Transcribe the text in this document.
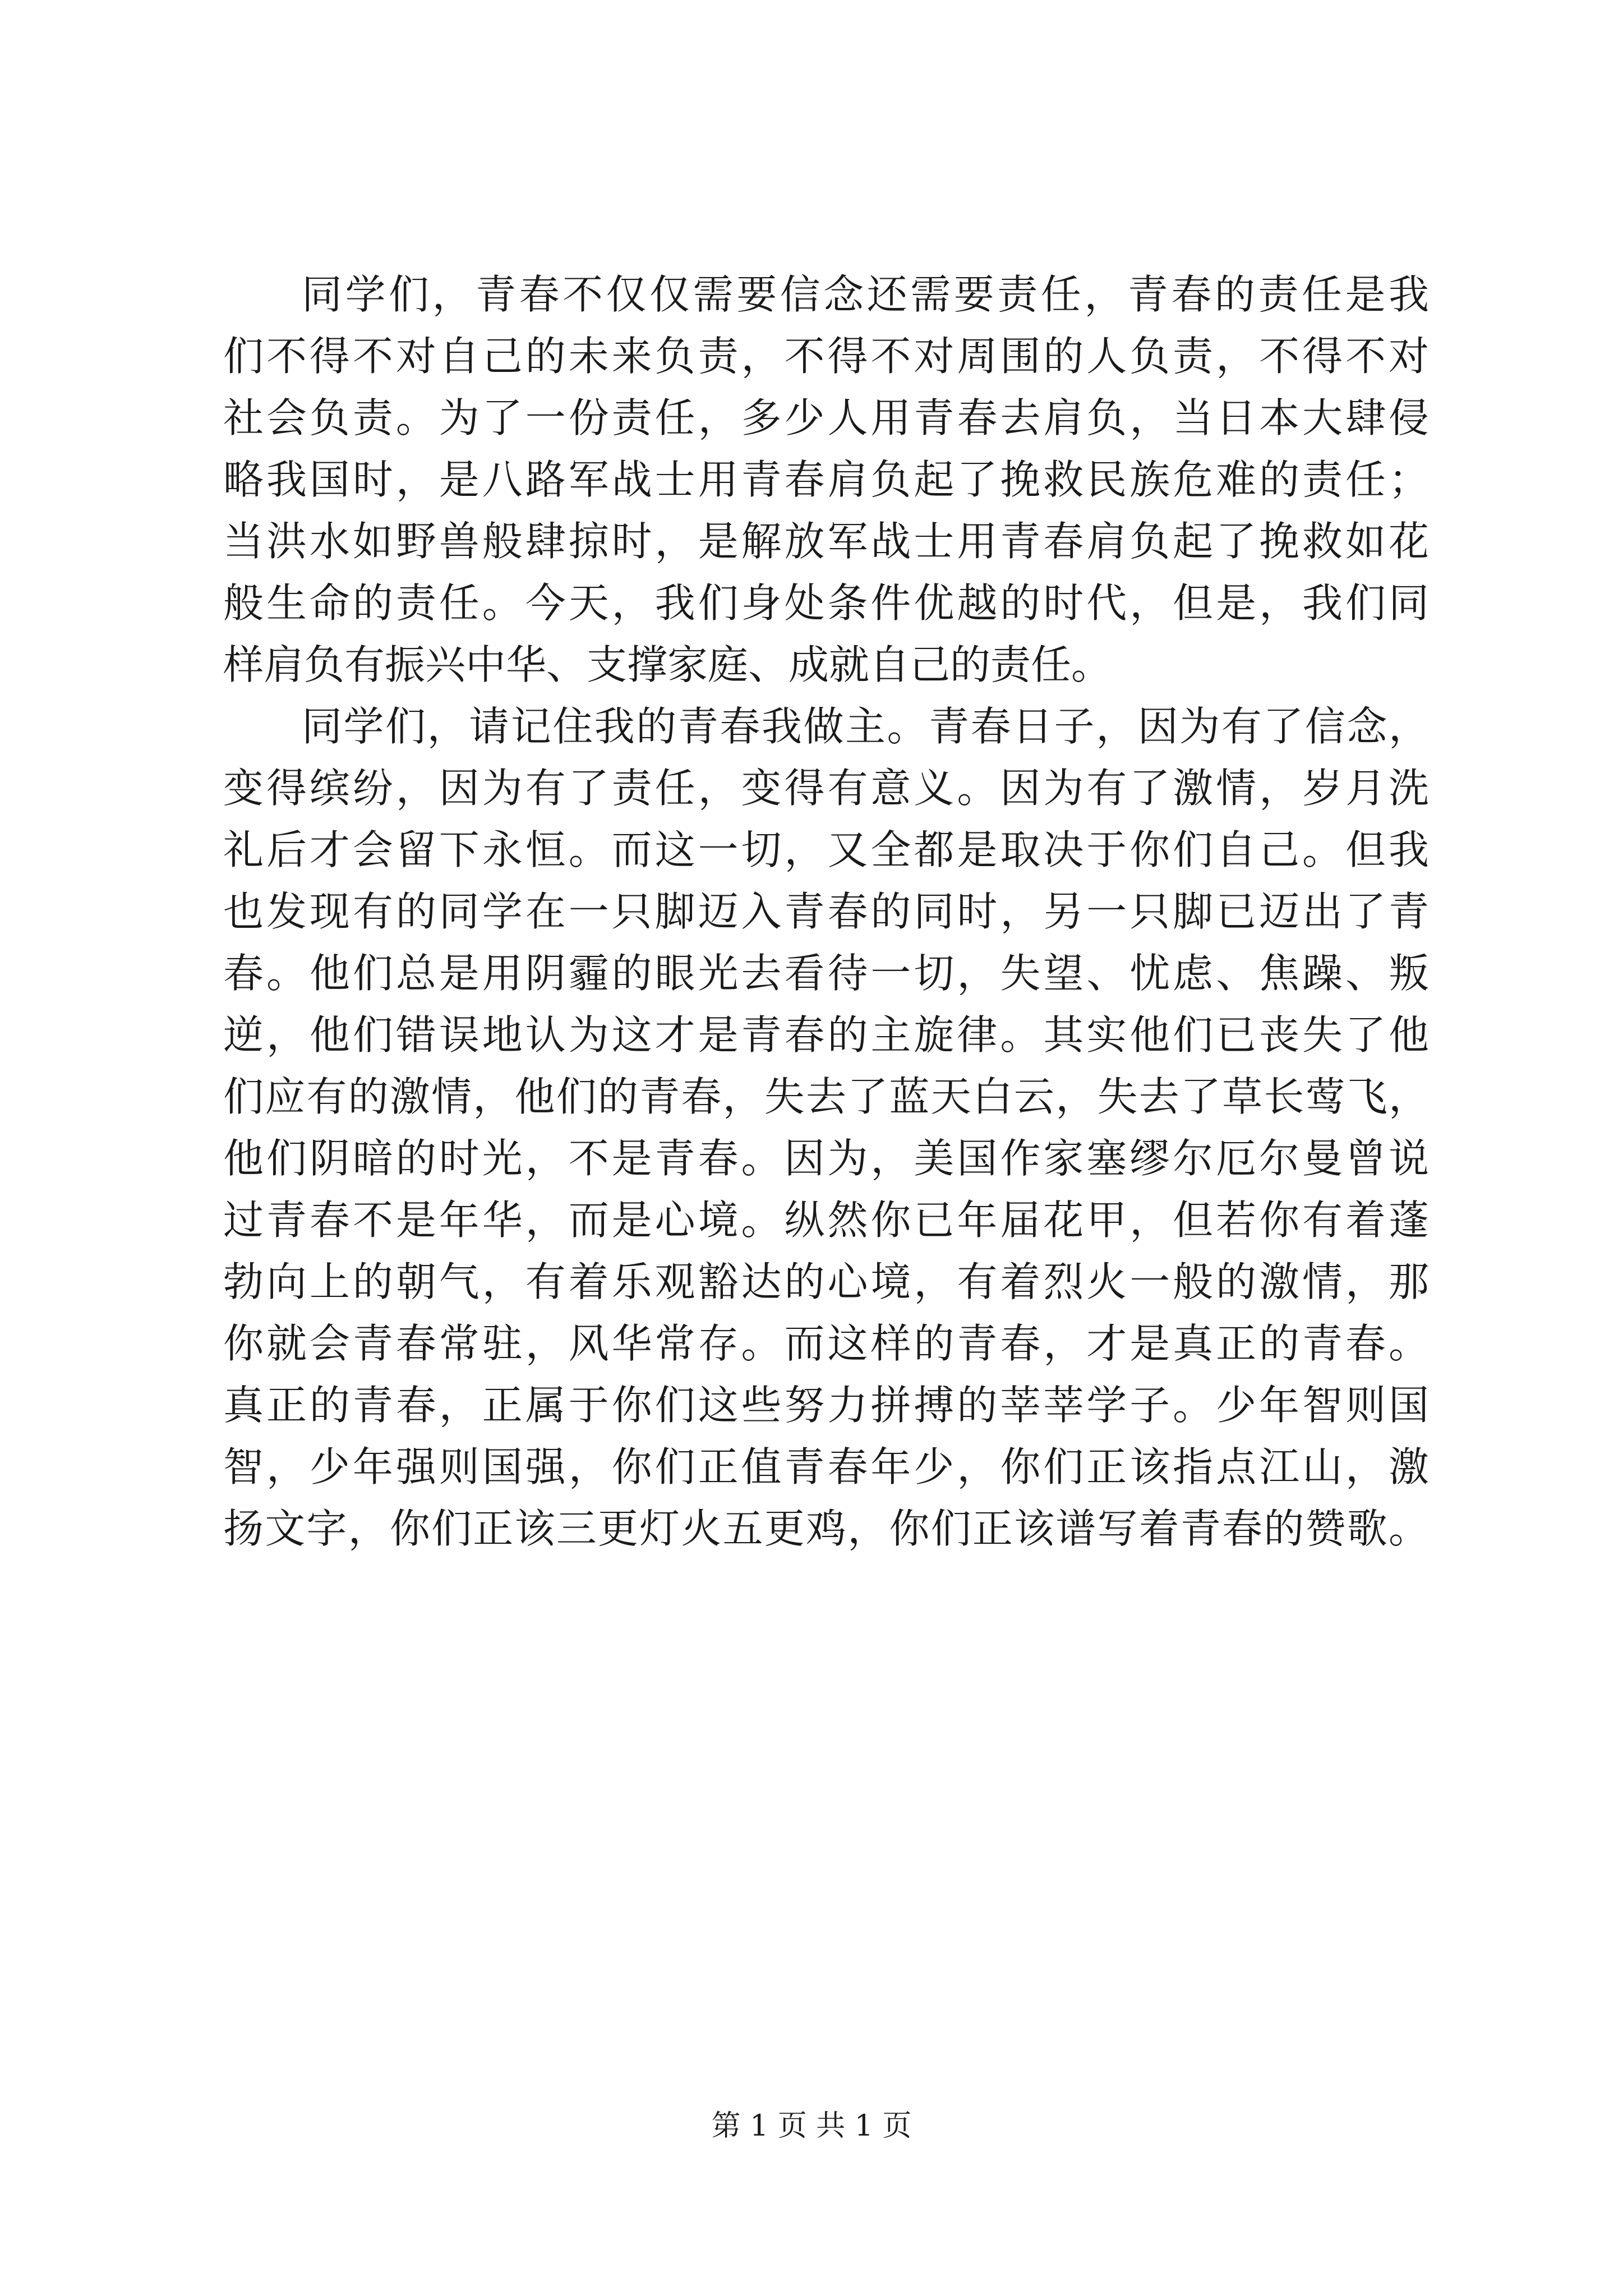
同学们，青春不仅仅需要信念还需要责任，青春的责任是我
们不得不对自己的未来负责，不得不对周围的人负责，不得不对
社会负责。为了一份责任，多少人用青春去肩负，当日本大肆侵
略我国时，是八路军战士用青春肩负起了挽救民族危难的责任；
当洪水如野兽般肆掠时，是解放军战士用青春肩负起了挽救如花
般生命的责任。今天，我们身处条件优越的时代，但是，我们同
样肩负有振兴中华、支撑家庭、成就自己的责任。
同学们，请记住我的青春我做主。青春日子，因为有了信念，
变得缤纷，因为有了责任，变得有意义。因为有了激情，岁月洗
礼后才会留下永恒。而这一切，又全都是取决于你们自己。但我
也发现有的同学在一只脚迈入青春的同时，另一只脚已迈出了青
春。他们总是用阴霾的眼光去看待一切，失望、忧虑、焦躁、叛
逆，他们错误地认为这才是青春的主旋律。其实他们已丧失了他
们应有的激情，他们的青春，失去了蓝天白云，失去了草长莺飞，
他们阴暗的时光，不是青春。因为，美国作家塞缪尔厄尔曼曾说
过青春不是年华，而是心境。纵然你已年届花甲，但若你有着蓬
勃向上的朝气，有着乐观豁达的心境，有着烈火一般的激情，那
你就会青春常驻，风华常存。而这样的青春，才是真正的青春。
真正的青春，正属于你们这些努力拼搏的莘莘学子。少年智则国
智，少年强则国强，你们正值青春年少，你们正该指点江山，激
扬文字，你们正该三更灯火五更鸡，你们正该谱写着青春的赞歌。
第 1 页 共 1 页
